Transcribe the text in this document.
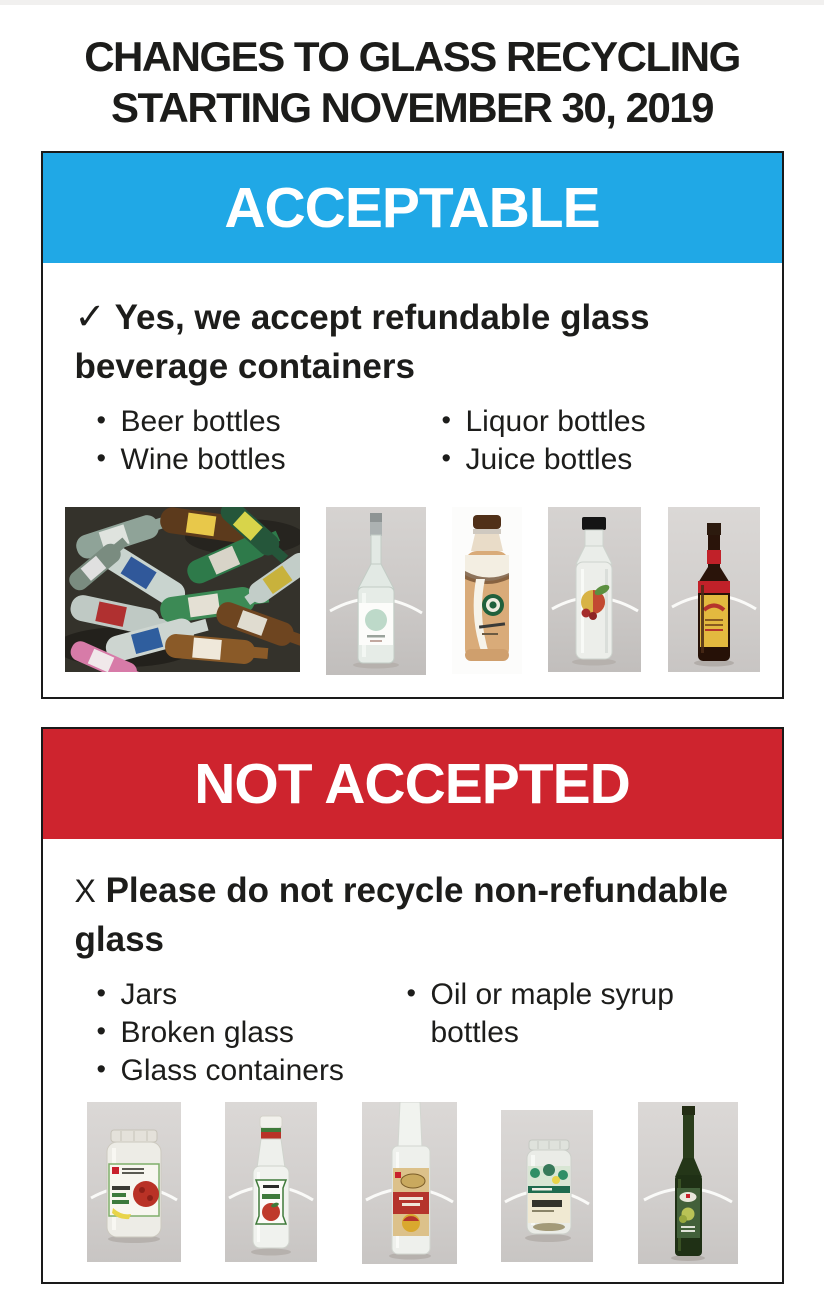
CHANGES TO GLASS RECYCLING
STARTING NOVEMBER 30, 2019
ACCEPTABLE

✓ Yes, we accept refundable glass beverage containers

• Beer bottles
• Wine bottles
• Liquor bottles
• Juice bottles
NOT ACCEPTED

X Please do not recycle non-refundable glass

• Jars
• Broken glass
• Glass containers
• Oil or maple syrup bottles
